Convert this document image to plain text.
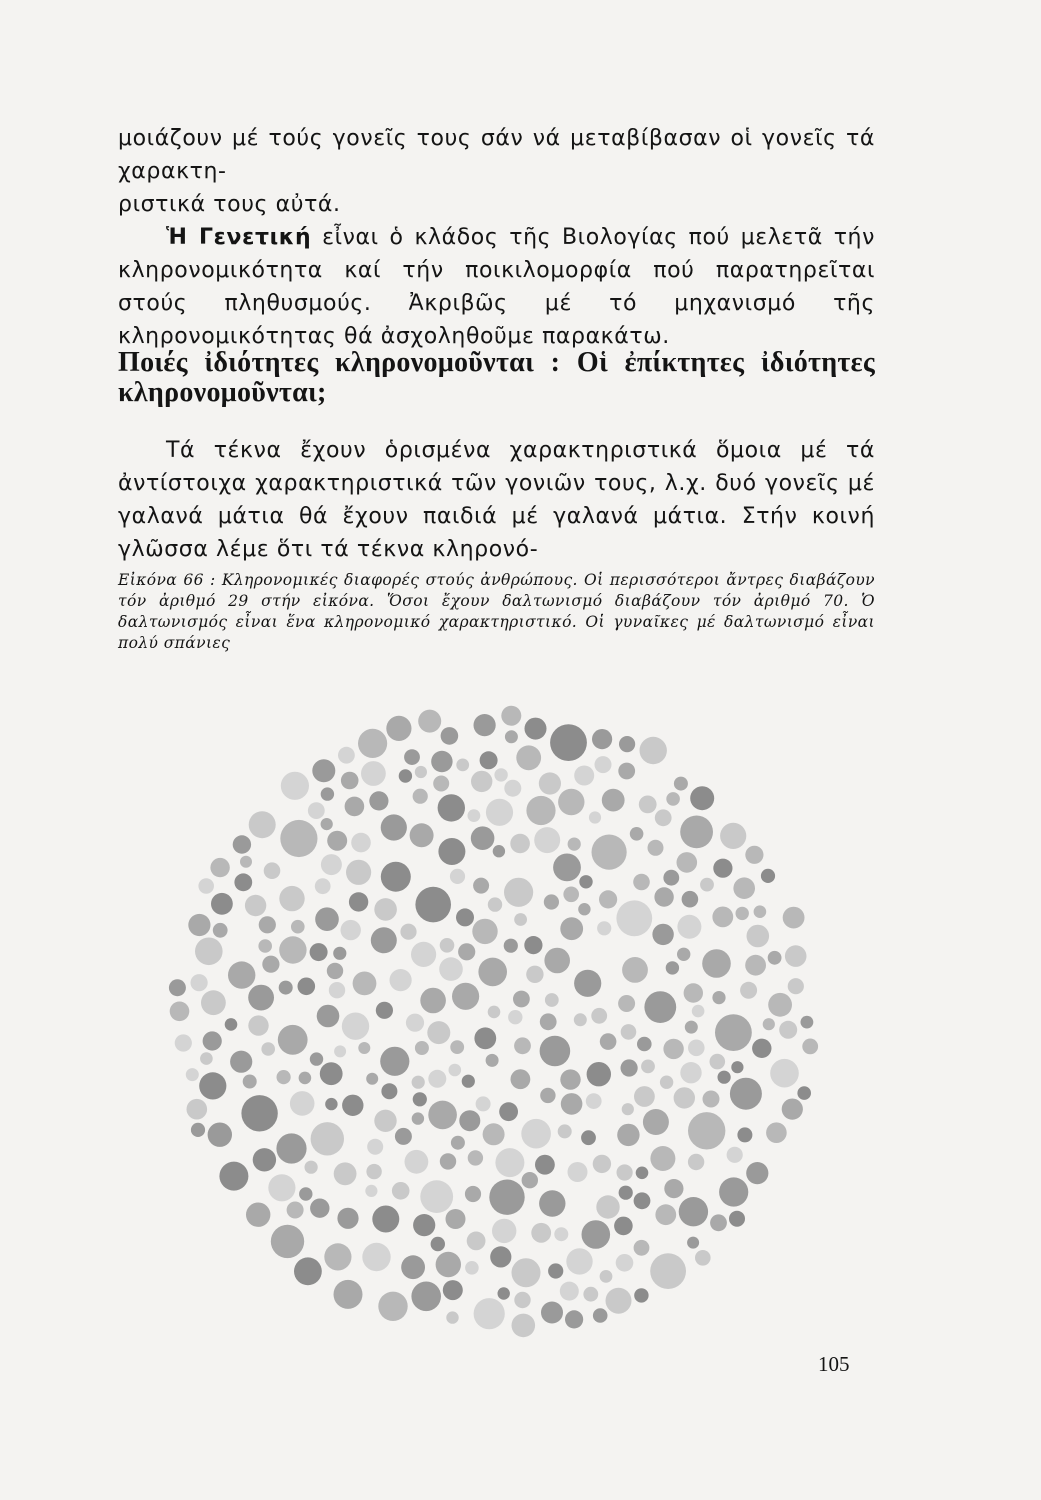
μοιάζουν μέ τούς γονεῖς τους σάν νά μεταβίβασαν οἱ γονεῖς τά χαρακτη-

ριστικά τους αὐτά.

Ἡ Γενετική εἶναι ὁ κλάδος τῆς Βιολογίας πού μελετᾶ τήν κληρονομικότητα καί τήν ποικιλομορφία πού παρατηρεῖται στούς πληθυσμούς. Ἀκριβῶς μέ τό μηχανισμό τῆς κληρονομικότητας θά ἀσχοληθοῦμε παρακάτω.

Ποιές ἰδιότητες κληρονομοῦνται : Οἱ ἐπίκτητες ἰδιότητες κληρονομοῦνται;

Τά τέκνα ἔχουν ὁρισμένα χαρακτηριστικά ὅμοια μέ τά ἀντίστοιχα χαρακτηριστικά τῶν γονιῶν τους, λ.χ. δυό γονεῖς μέ γαλανά μάτια θά ἔχουν παιδιά μέ γαλανά μάτια. Στήν κοινή γλῶσσα λέμε ὅτι τά τέκνα κληρονό-

Εἰκόνα 66 : Κληρονομικές διαφορές στούς ἀνθρώπους. Οἱ περισσότεροι ἄντρες διαβάζουν τόν ἀριθμό 29 στήν εἰκόνα. Ὅσοι ἔχουν δαλτωνισμό διαβάζουν τόν ἀριθμό 70. Ὁ δαλτωνισμός εἶναι ἕνα κληρονομικό χαρακτηριστικό. Οἱ γυναῖκες μέ δαλτωνισμό εἶναι πολύ σπάνιες

105
